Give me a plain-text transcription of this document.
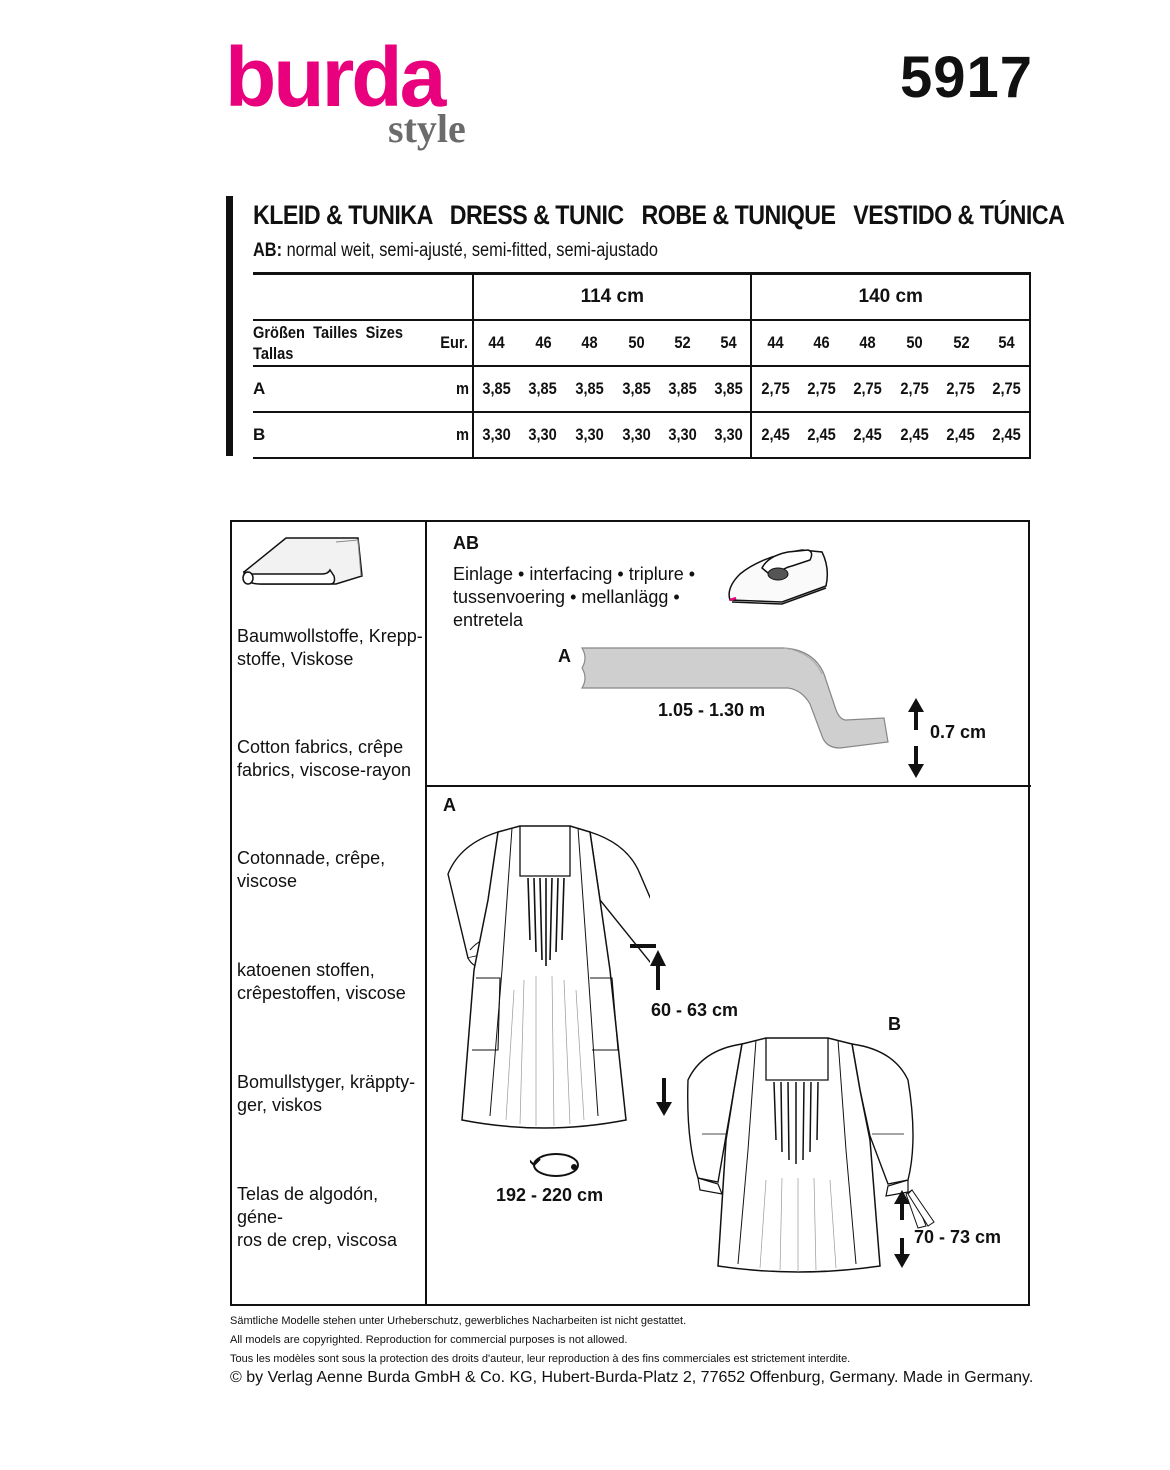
burda
style
5917
KLEID & TUNIKA   DRESS & TUNIC   ROBE & TUNIQUE   VESTIDO & TÚNICA
AB: normal weit, semi-ajusté, semi-fitted, semi-ajustado
		114 cm						140 cm					

Größen  Tailles  Sizes
Tallas	Eur.	44	46	48	50	52	54	44	46	48	50	52	54
A	m	3,85	3,85	3,85	3,85	3,85	3,85	2,75	2,75	2,75	2,75	2,75	2,75
B	m	3,30	3,30	3,30	3,30	3,30	3,30	2,45	2,45	2,45	2,45	2,45	2,45
Baumwollstoffe, Krepp-
stoffe, Viskose
Cotton fabrics, crêpe
fabrics, viscose-rayon
Cotonnade, crêpe,
viscose
katoenen stoffen,
crêpestoffen, viscose
Bomullstyger, kräppty-
ger, viskos
Telas de algodón, géne-
ros de crep, viscosa
AB
Einlage • interfacing • triplure •
tussenvoering • mellanlägg •
entretela
A
1.05 - 1.30 m
0.7 cm
A
B
60 - 63 cm
192 - 220 cm
70 - 73 cm
Sämtliche Modelle stehen unter Urheberschutz, gewerbliches Nacharbeiten ist nicht gestattet.
All models are copyrighted. Reproduction for commercial purposes is not allowed.
Tous les modèles sont sous la protection des droits d'auteur, leur reproduction à des fins commerciales est strictement interdite.
© by Verlag Aenne Burda GmbH & Co. KG, Hubert-Burda-Platz 2, 77652 Offenburg, Germany. Made in Germany.
